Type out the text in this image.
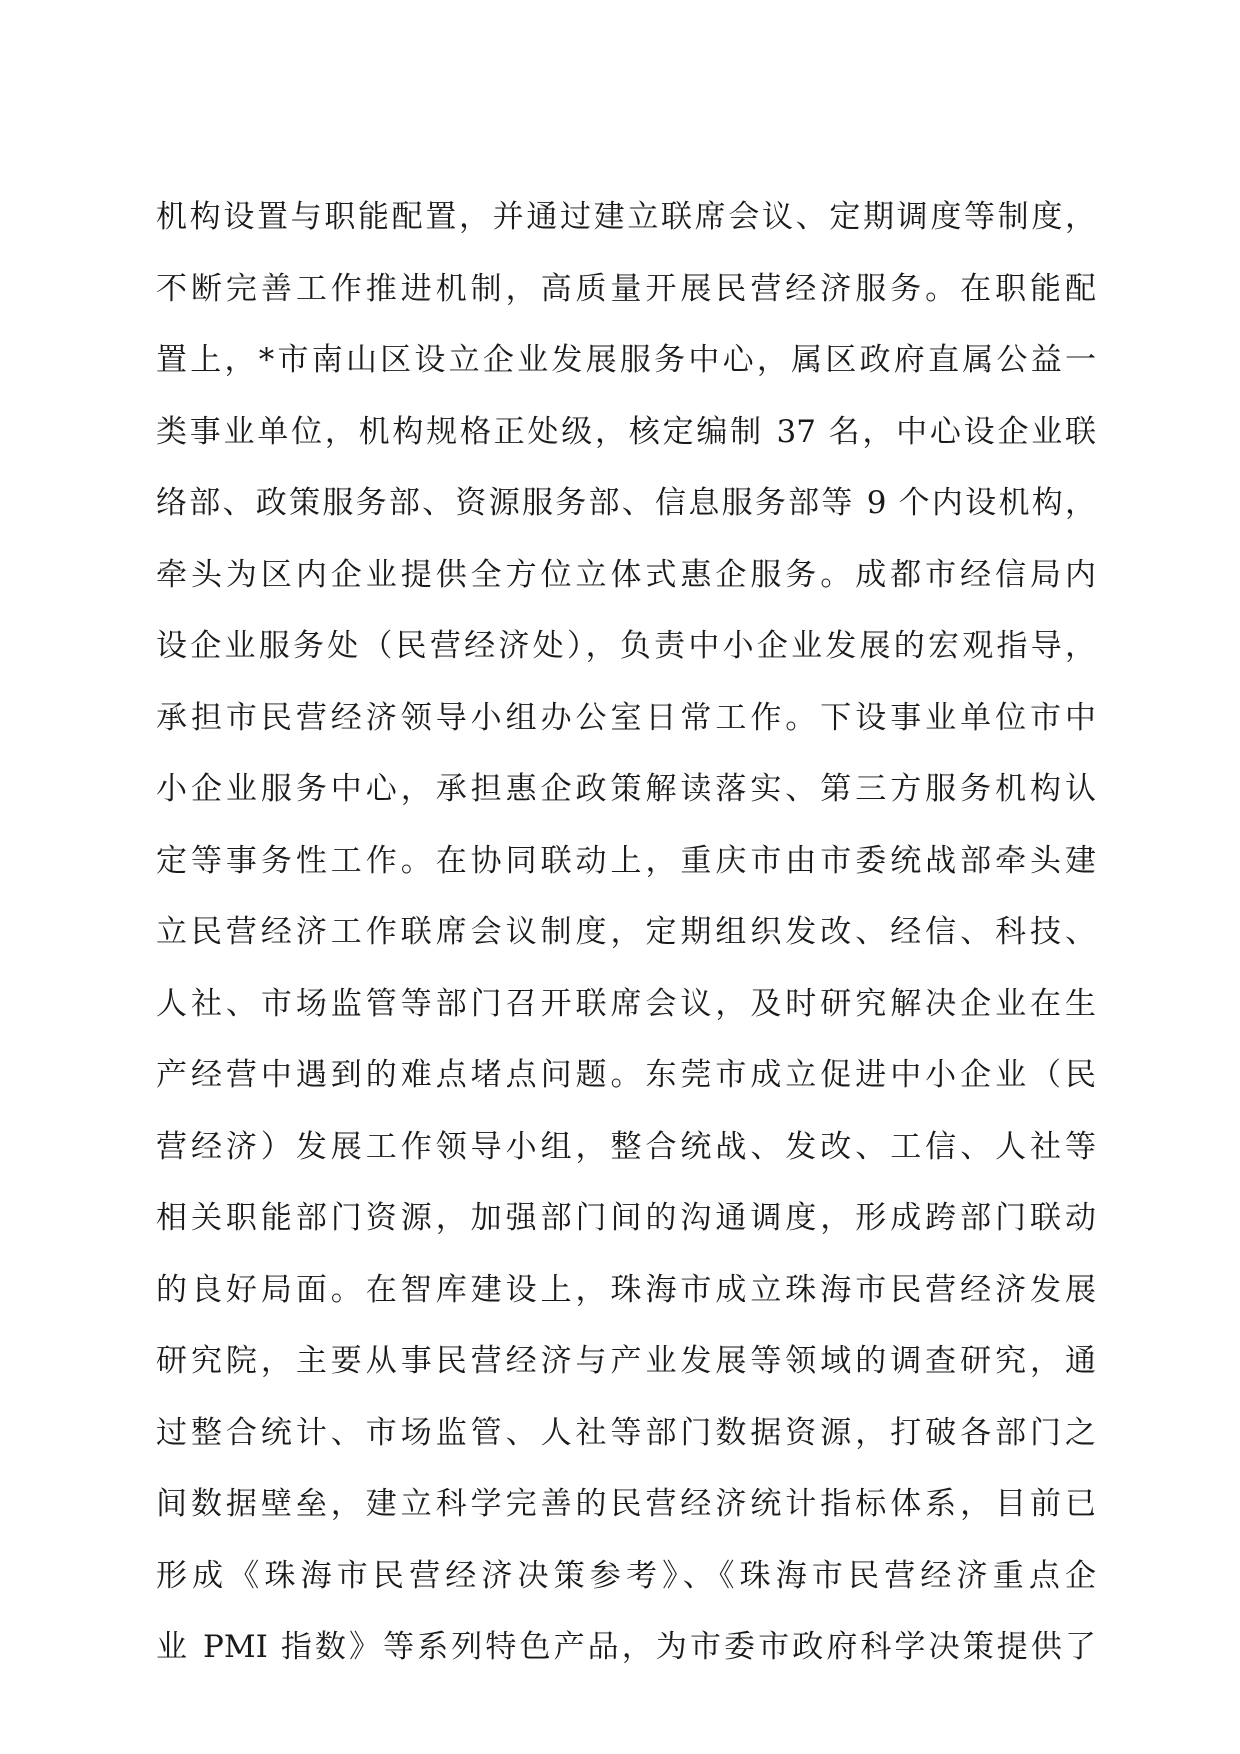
机构设置与职能配置，并通过建立联席会议、定期调度等制度，
不断完善工作推进机制，高质量开展民营经济服务。在职能配
置上，*市南山区设立企业发展服务中心，属区政府直属公益一
类事业单位，机构规格正处级，核定编制 37 名，中心设企业联
络部、政策服务部、资源服务部、信息服务部等 9 个内设机构，
牵头为区内企业提供全方位立体式惠企服务。成都市经信局内
设企业服务处（民营经济处），负责中小企业发展的宏观指导，
承担市民营经济领导小组办公室日常工作。下设事业单位市中
小企业服务中心，承担惠企政策解读落实、第三方服务机构认
定等事务性工作。在协同联动上，重庆市由市委统战部牵头建
立民营经济工作联席会议制度，定期组织发改、经信、科技、
人社、市场监管等部门召开联席会议，及时研究解决企业在生
产经营中遇到的难点堵点问题。东莞市成立促进中小企业（民
营经济）发展工作领导小组，整合统战、发改、工信、人社等
相关职能部门资源，加强部门间的沟通调度，形成跨部门联动
的良好局面。在智库建设上，珠海市成立珠海市民营经济发展
研究院，主要从事民营经济与产业发展等领域的调查研究，通
过整合统计、市场监管、人社等部门数据资源，打破各部门之
间数据壁垒，建立科学完善的民营经济统计指标体系，目前已
形成《珠海市民营经济决策参考》、《珠海市民营经济重点企
业 PMI 指数》等系列特色产品，为市委市政府科学决策提供了
